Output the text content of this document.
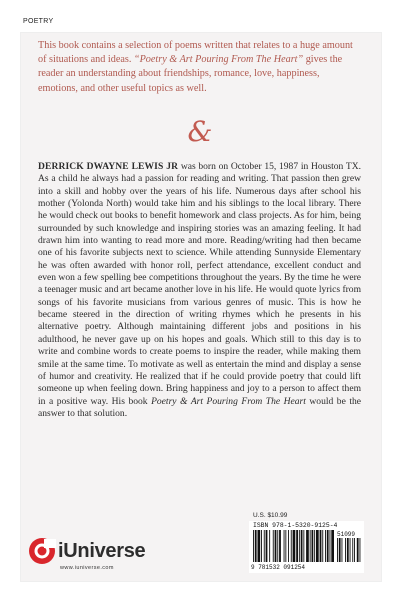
POETRY
This book contains a selection of poems written that relates to a huge amount of situations and ideas. “Poetry & Art Pouring From The Heart” gives the reader an understanding about friendships, romance, love, happiness, emotions, and other useful topics as well.
&
DERRICK DWAYNE LEWIS JR was born on October 15, 1987 in Houston TX. As a child he always had a passion for reading and writing. That passion then grew into a skill and hobby over the years of his life. Numerous days after school his mother (Yolonda North) would take him and his siblings to the local library. There he would check out books to benefit homework and class projects. As for him, being surrounded by such knowledge and inspiring stories was an amazing feeling. It had drawn him into wanting to read more and more. Reading/writing had then became one of his favorite subjects next to science. While attending Sunnyside Elementary he was often awarded with honor roll, perfect attendance, excellent conduct and even won a few spelling bee competitions throughout the years. By the time he were a teenager music and art became another love in his life. He would quote lyrics from songs of his favorite musicians from various genres of music. This is how he became steered in the direction of writing rhymes which he presents in his alternative poetry. Although maintaining different jobs and positions in his adulthood, he never gave up on his hopes and goals. Which still to this day is to write and combine words to create poems to inspire the reader, while making them smile at the same time. To motivate as well as entertain the mind and display a sense of humor and creativity. He realized that if he could provide poetry that could lift someone up when feeling down. Bring happiness and joy to a person to affect them in a positive way. His book Poetry & Art Pouring From The Heart would be the answer to that solution.
U.S. $10.99
ISBN 978-1-5320-9125-4
9 781532 091254
51099
iUniverse
www.iuniverse.com
